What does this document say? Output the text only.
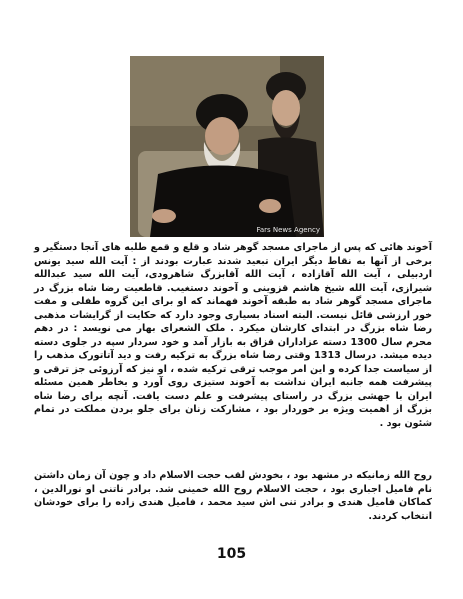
Fars News Agency

آخوند هائی که پس از ماجرای مسجد گوهر شاد و قلع و قمع طلبه های آنجا دستگیر و برخی از آنها به نقاط دیگر ایران تبعید شدند عبارت بودند از : آیت الله سید یونس اردبیلی ، آیت الله آقازاده ، آیت الله آقابزرگ شاهرودی، آیت الله سید عبدالله شیرازی، آیت الله شیخ هاشم قزوینی و آخوند دستغیب. قاطعیت رضا شاه بزرگ در ماجرای مسجد گوهر شاد به طبقه آخوند فهماند که او برای این گروه طفلی و مفت خور ارزشی قائل نیست. البته اسناد بسیاری وجود دارد که حکایت از گرایشات مذهبی رضا شاه بزرگ در ابتدای کارشان میکرد . ملک الشعرای بهار می نویسد : در دهم محرم سال 1300 دسته عزاداران قزاق به بازار آمد و خود سردار سپه در جلوی دسته دیده میشد. درسال 1313 وقتی رضا شاه بزرگ به ترکیه رفت و دید آتاتورک مذهب را از سیاست جدا کرده و این امر موجب ترقی ترکیه شده ، او نیز که آرزوئی جز ترقی و پیشرفت همه جانبه ایران نداشت به آخوند ستیزی روی آورد و بخاطر همین مسئله ایران با جهشی بزرگ در راستای پیشرفت و علم دست یافت. آنچه برای رضا شاه بزرگ از اهمیت ویژه بر خوردار بود ، مشارکت زنان برای جلو بردن مملکت در تمام شئون بود .

روح الله زمانیکه در مشهد بود ، بخودش لقب حجت الاسلام داد و چون آن زمان داشتن نام فامیل اجباری بود ، حجت الاسلام روح الله خمینی شد. برادر ناتنی او نورالدین ، کماکان فامیل هندی و برادر تنی اش سید محمد ، فامیل هندی زاده را برای خودشان انتخاب کردند.

105
